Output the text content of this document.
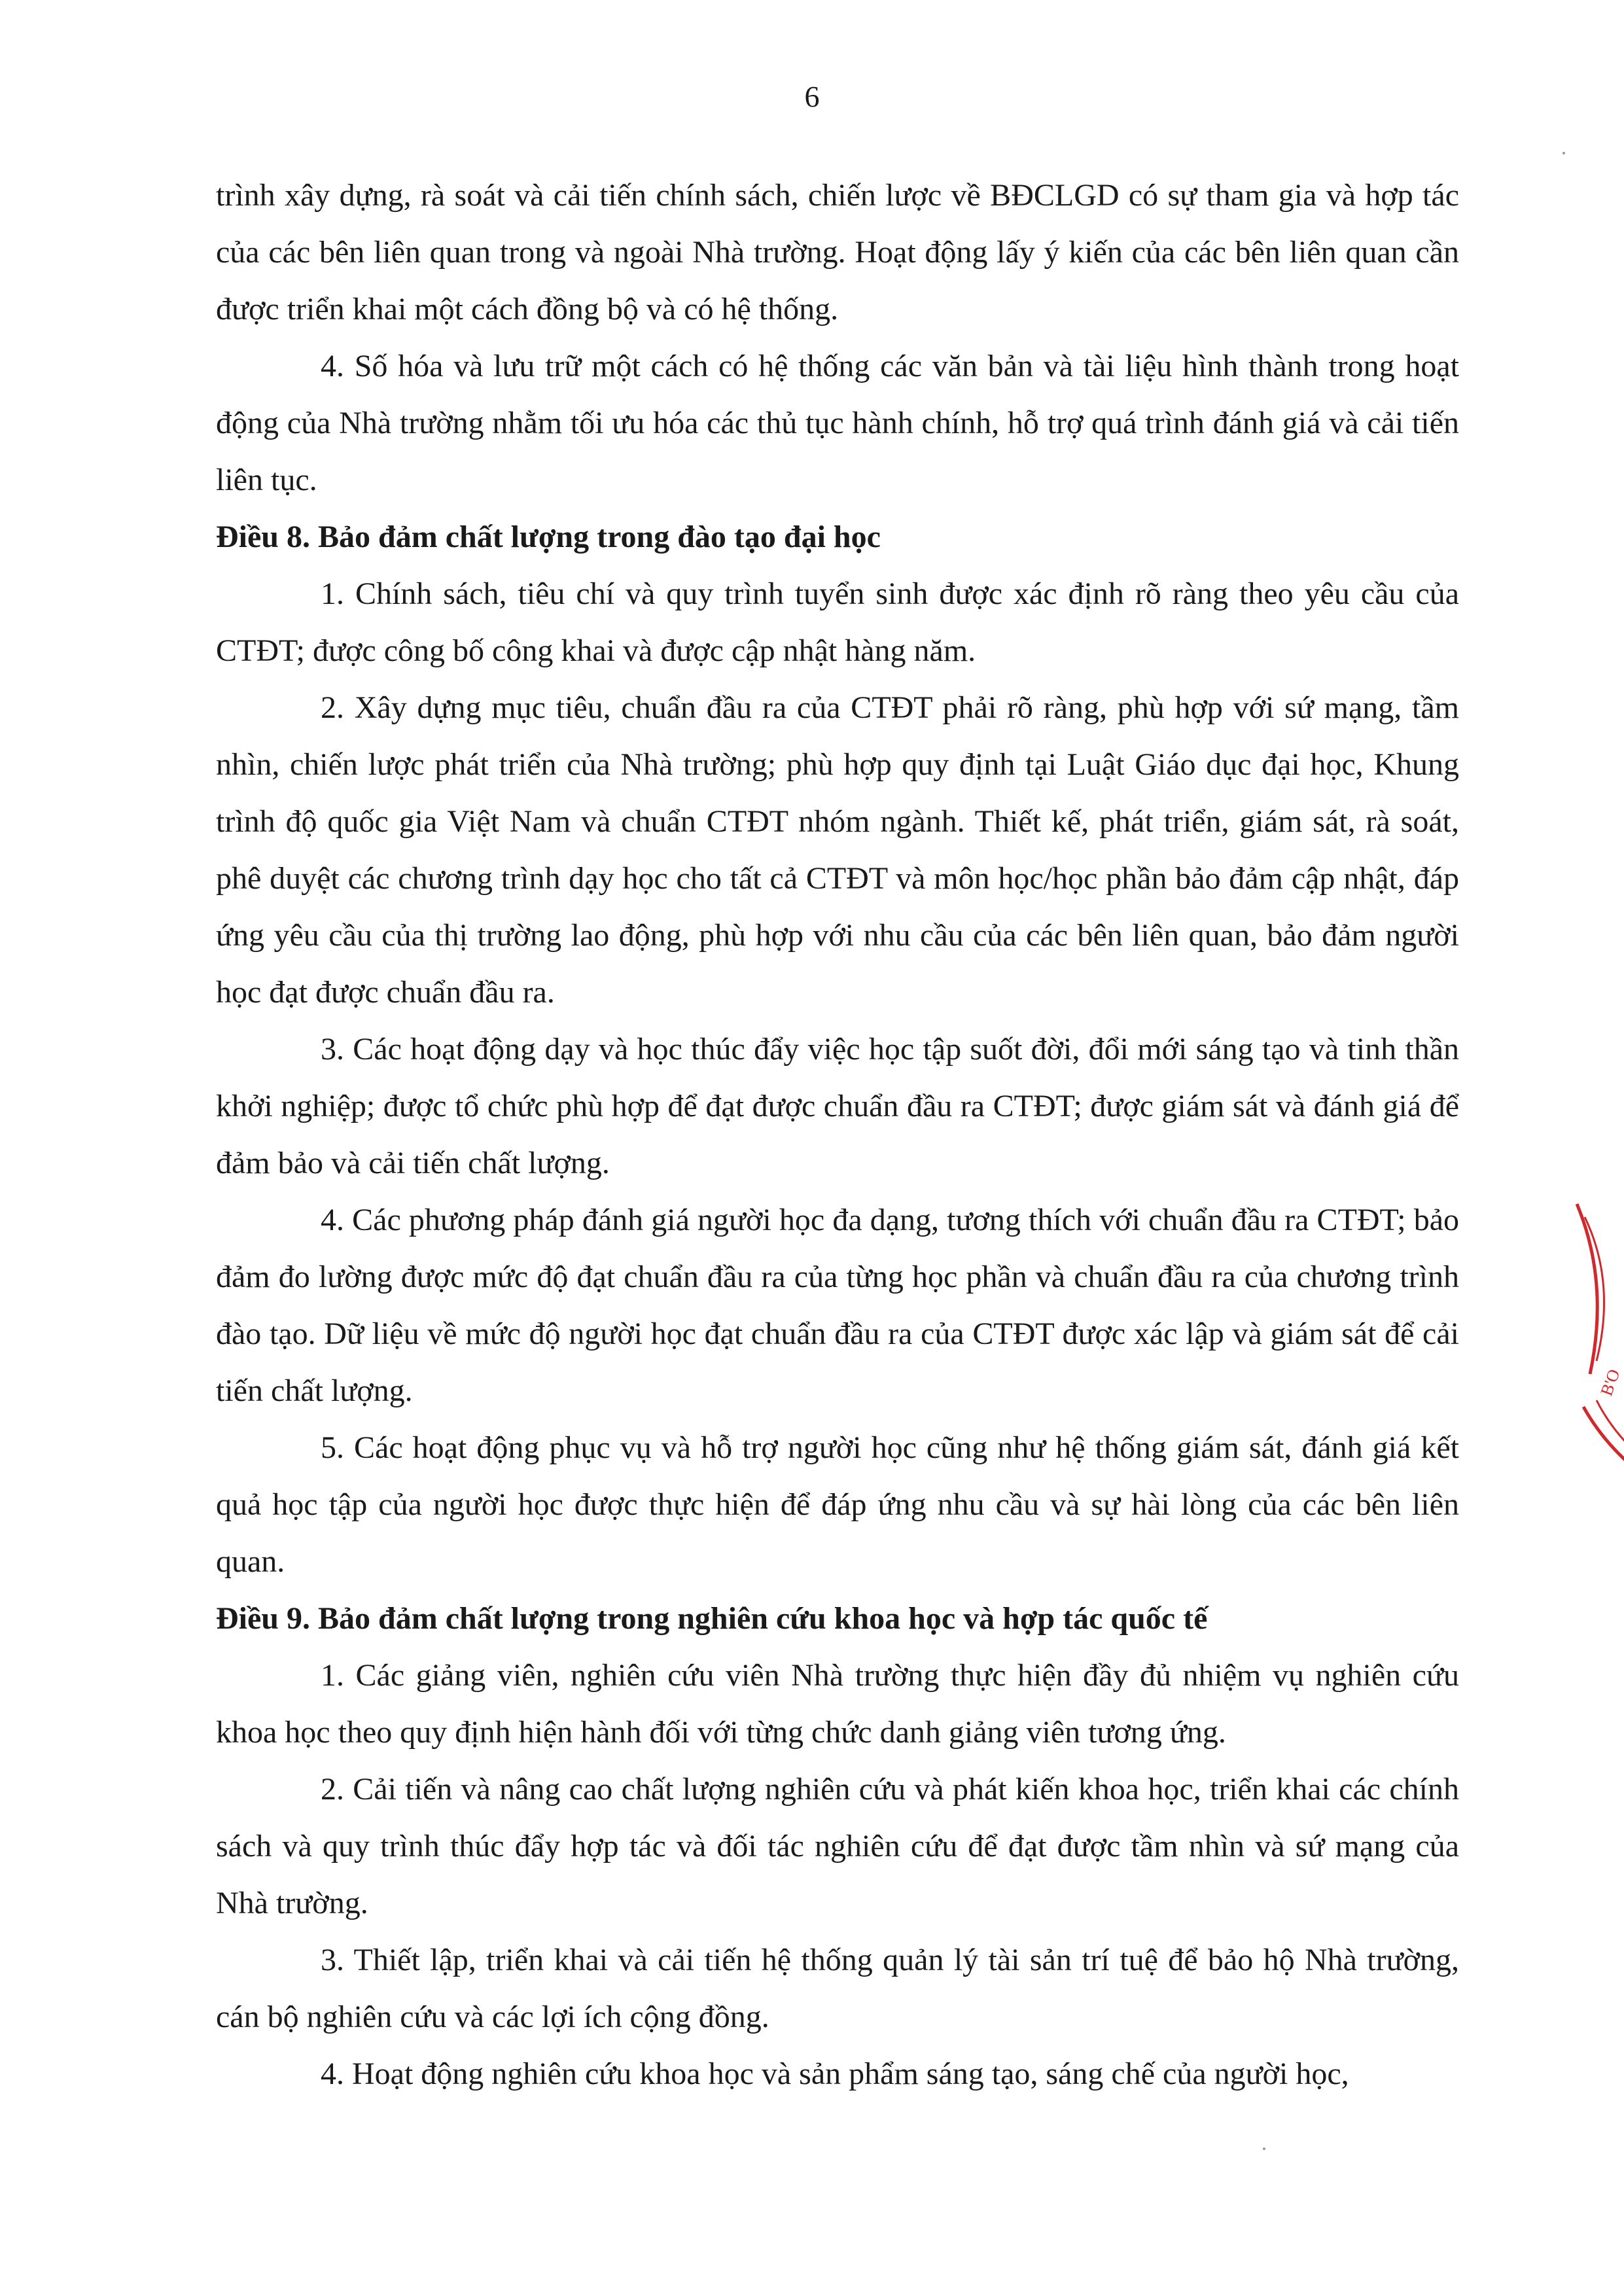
6

trình xây dựng, rà soát và cải tiến chính sách, chiến lược về BĐCLGD có sự tham gia và hợp tác của các bên liên quan trong và ngoài Nhà trường. Hoạt động lấy ý kiến của các bên liên quan cần được triển khai một cách đồng bộ và có hệ thống.

4. Số hóa và lưu trữ một cách có hệ thống các văn bản và tài liệu hình thành trong hoạt động của Nhà trường nhằm tối ưu hóa các thủ tục hành chính, hỗ trợ quá trình đánh giá và cải tiến liên tục.

Điều 8. Bảo đảm chất lượng trong đào tạo đại học

1. Chính sách, tiêu chí và quy trình tuyển sinh được xác định rõ ràng theo yêu cầu của CTĐT; được công bố công khai và được cập nhật hàng năm.

2. Xây dựng mục tiêu, chuẩn đầu ra của CTĐT phải rõ ràng, phù hợp với sứ mạng, tầm nhìn, chiến lược phát triển của Nhà trường; phù hợp quy định tại Luật Giáo dục đại học, Khung trình độ quốc gia Việt Nam và chuẩn CTĐT nhóm ngành. Thiết kế, phát triển, giám sát, rà soát, phê duyệt các chương trình dạy học cho tất cả CTĐT và môn học/học phần bảo đảm cập nhật, đáp ứng yêu cầu của thị trường lao động, phù hợp với nhu cầu của các bên liên quan, bảo đảm người học đạt được chuẩn đầu ra.

3. Các hoạt động dạy và học thúc đẩy việc học tập suốt đời, đổi mới sáng tạo và tinh thần khởi nghiệp; được tổ chức phù hợp để đạt được chuẩn đầu ra CTĐT; được giám sát và đánh giá để đảm bảo và cải tiến chất lượng.

4. Các phương pháp đánh giá người học đa dạng, tương thích với chuẩn đầu ra CTĐT; bảo đảm đo lường được mức độ đạt chuẩn đầu ra của từng học phần và chuẩn đầu ra của chương trình đào tạo. Dữ liệu về mức độ người học đạt chuẩn đầu ra của CTĐT được xác lập và giám sát để cải tiến chất lượng.

5. Các hoạt động phục vụ và hỗ trợ người học cũng như hệ thống giám sát, đánh giá kết quả học tập của người học được thực hiện để đáp ứng nhu cầu và sự hài lòng của các bên liên quan.

Điều 9. Bảo đảm chất lượng trong nghiên cứu khoa học và hợp tác quốc tế

1. Các giảng viên, nghiên cứu viên Nhà trường thực hiện đầy đủ nhiệm vụ nghiên cứu khoa học theo quy định hiện hành đối với từng chức danh giảng viên tương ứng.

2. Cải tiến và nâng cao chất lượng nghiên cứu và phát kiến khoa học, triển khai các chính sách và quy trình thúc đẩy hợp tác và đối tác nghiên cứu để đạt được tầm nhìn và sứ mạng của Nhà trường.

3. Thiết lập, triển khai và cải tiến hệ thống quản lý tài sản trí tuệ để bảo hộ Nhà trường, cán bộ nghiên cứu và các lợi ích cộng đồng.

4. Hoạt động nghiên cứu khoa học và sản phẩm sáng tạo, sáng chế của người học,

B'O
